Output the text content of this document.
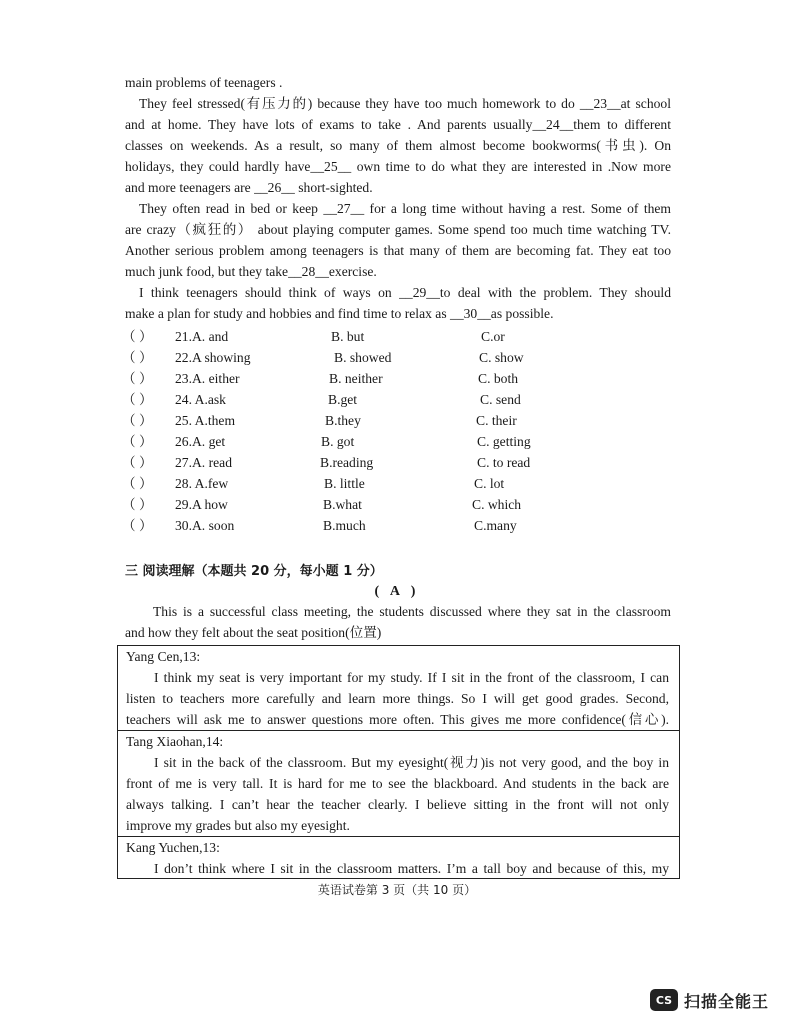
main problems of teenagers .
They feel stressed(有压力的) because they have too much homework to do __23__at school
and at home. They have lots of exams to take . And parents usually__24__them to different
classes on weekends. As a result, so many of them almost become bookworms(书虫). On
holidays, they could hardly have__25__ own time to do what they are interested in .Now more
and more teenagers are __26__ short-sighted.
They often read in bed or keep __27__ for a long time without having a rest. Some of them
are crazy（疯狂的） about playing computer games. Some spend too much time watching TV.
Another serious problem among teenagers is that many of them are becoming fat. They eat too
much junk food, but they take__28__exercise.
I think teenagers should think of ways on __29__to deal with the problem. They should
make a plan for study and hobbies and find time to relax as __30__as possible.
（ ） 21.A. and	B. but	C.or
（ ） 22.A showing	B. showed	C. show
（ ） 23.A. either	B. neither	C. both
（ ） 24. A.ask	B.get	C. send
（ ） 25. A.them	B.they	C. their
（ ） 26.A. get	B. got	C. getting
（ ） 27.A. read	B.reading	C. to read
（ ） 28. A.few	B. little	C. lot
（ ） 29.A how	B.what	C. which
（ ） 30.A. soon	B.much	C.many
三 阅读理解（本题共 20 分，每小题 1 分）
( A )
This is a successful class meeting, the students discussed where they sat in the classroom
and how they felt about the seat position(位置)
Yang Cen,13:
I think my seat is very important for my study. If I sit in the front of the classroom, I can
listen to teachers more carefully and learn more things. So I will get good grades. Second,
teachers will ask me to answer questions more often. This gives me more confidence(信心).
Tang Xiaohan,14:
I sit in the back of the classroom. But my eyesight(视力)is not very good, and the boy in
front of me is very tall. It is hard for me to see the blackboard. And students in the back are
always talking. I can’t hear the teacher clearly. I believe sitting in the front will not only
improve my grades but also my eyesight.
Kang Yuchen,13:
I don’t think where I sit in the classroom matters. I’m a tall boy and because of this, my
英语试卷第 3 页（共 10 页）
CS 扫描全能王
